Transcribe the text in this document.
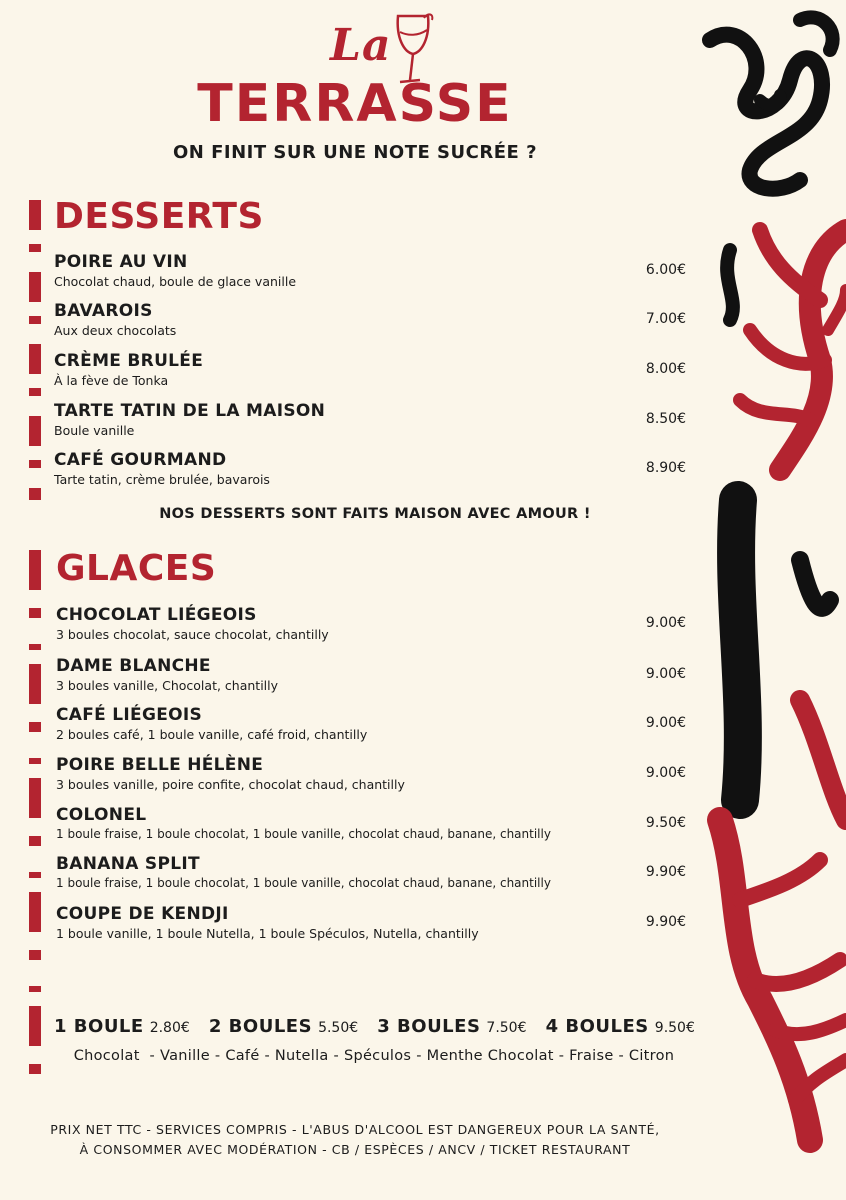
La
TERRASSE
ON FINIT SUR UNE NOTE SUCRÉE ?
DESSERTS
POIRE AU VIN
Chocolat chaud, boule de glace vanille
6.00€
BAVAROIS
Aux deux chocolats
7.00€
CRÈME BRULÉE
À la fève de Tonka
8.00€
TARTE TATIN DE LA MAISON
Boule vanille
8.50€
CAFÉ GOURMAND
Tarte tatin, crème brulée, bavarois
8.90€
NOS DESSERTS SONT FAITS MAISON AVEC AMOUR !
GLACES
CHOCOLAT LIÉGEOIS
3 boules chocolat, sauce chocolat, chantilly
9.00€
DAME BLANCHE
3 boules vanille, Chocolat, chantilly
9.00€
CAFÉ LIÉGEOIS
2 boules café, 1 boule vanille, café froid, chantilly
9.00€
POIRE BELLE HÉLÈNE
3 boules vanille, poire confite, chocolat chaud, chantilly
9.00€
COLONEL
1 boule fraise, 1 boule chocolat, 1 boule vanille, chocolat chaud, banane, chantilly
9.50€
BANANA SPLIT
1 boule fraise, 1 boule chocolat, 1 boule vanille, chocolat chaud, banane, chantilly
9.90€
COUPE DE KENDJI
1 boule vanille, 1 boule Nutella, 1 boule Spéculos, Nutella, chantilly
9.90€
1 BOULE 2.80€ 2 BOULES 5.50€ 3 BOULES 7.50€ 4 BOULES 9.50€
Chocolat  - Vanille - Café - Nutella - Spéculos - Menthe Chocolat - Fraise - Citron
PRIX NET TTC - SERVICES COMPRIS - L'ABUS D'ALCOOL EST DANGEREUX POUR LA SANTÉ,
À CONSOMMER AVEC MODÉRATION - CB / ESPÈCES / ANCV / TICKET RESTAURANT
